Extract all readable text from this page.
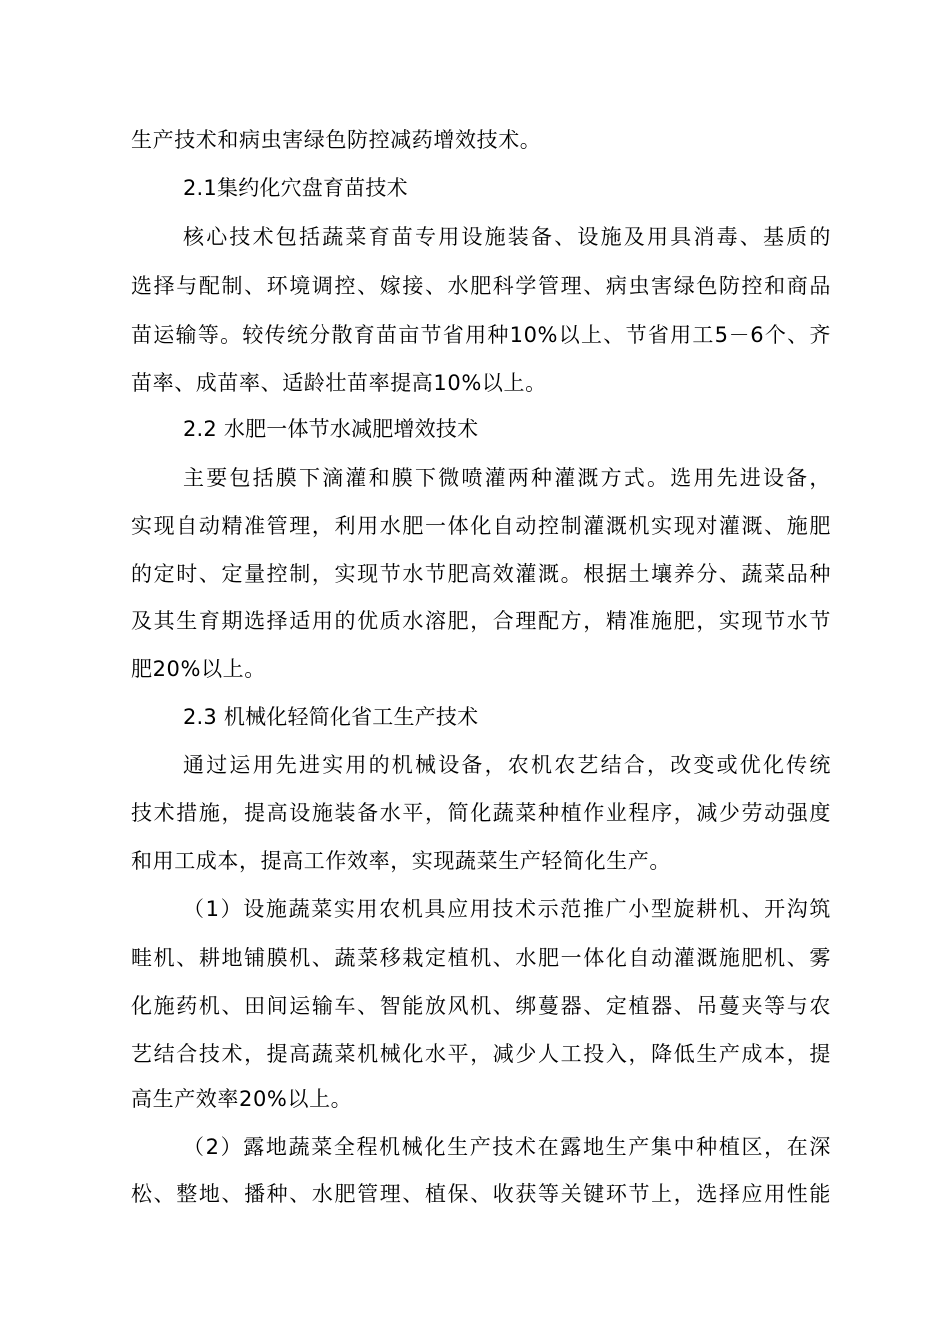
生产技术和病虫害绿色防控减药增效技术。
2.1集约化穴盘育苗技术
核心技术包括蔬菜育苗专用设施装备、设施及用具消毒、基质的
选择与配制、环境调控、嫁接、水肥科学管理、病虫害绿色防控和商品
苗运输等。较传统分散育苗亩节省用种10%以上、节省用工5－6个、齐
苗率、成苗率、适龄壮苗率提高10%以上。
2.2 水肥一体节水减肥增效技术
主要包括膜下滴灌和膜下微喷灌两种灌溉方式。选用先进设备，
实现自动精准管理，利用水肥一体化自动控制灌溉机实现对灌溉、施肥
的定时、定量控制，实现节水节肥高效灌溉。根据土壤养分、蔬菜品种
及其生育期选择适用的优质水溶肥，合理配方，精准施肥，实现节水节
肥20%以上。
2.3 机械化轻简化省工生产技术
通过运用先进实用的机械设备，农机农艺结合，改变或优化传统
技术措施，提高设施装备水平，简化蔬菜种植作业程序，减少劳动强度
和用工成本，提高工作效率，实现蔬菜生产轻简化生产。
（1）设施蔬菜实用农机具应用技术示范推广小型旋耕机、开沟筑
畦机、耕地铺膜机、蔬菜移栽定植机、水肥一体化自动灌溉施肥机、雾
化施药机、田间运输车、智能放风机、绑蔓器、定植器、吊蔓夹等与农
艺结合技术，提高蔬菜机械化水平，减少人工投入，降低生产成本，提
高生产效率20%以上。
（2）露地蔬菜全程机械化生产技术在露地生产集中种植区，在深
松、整地、播种、水肥管理、植保、收获等关键环节上，选择应用性能
